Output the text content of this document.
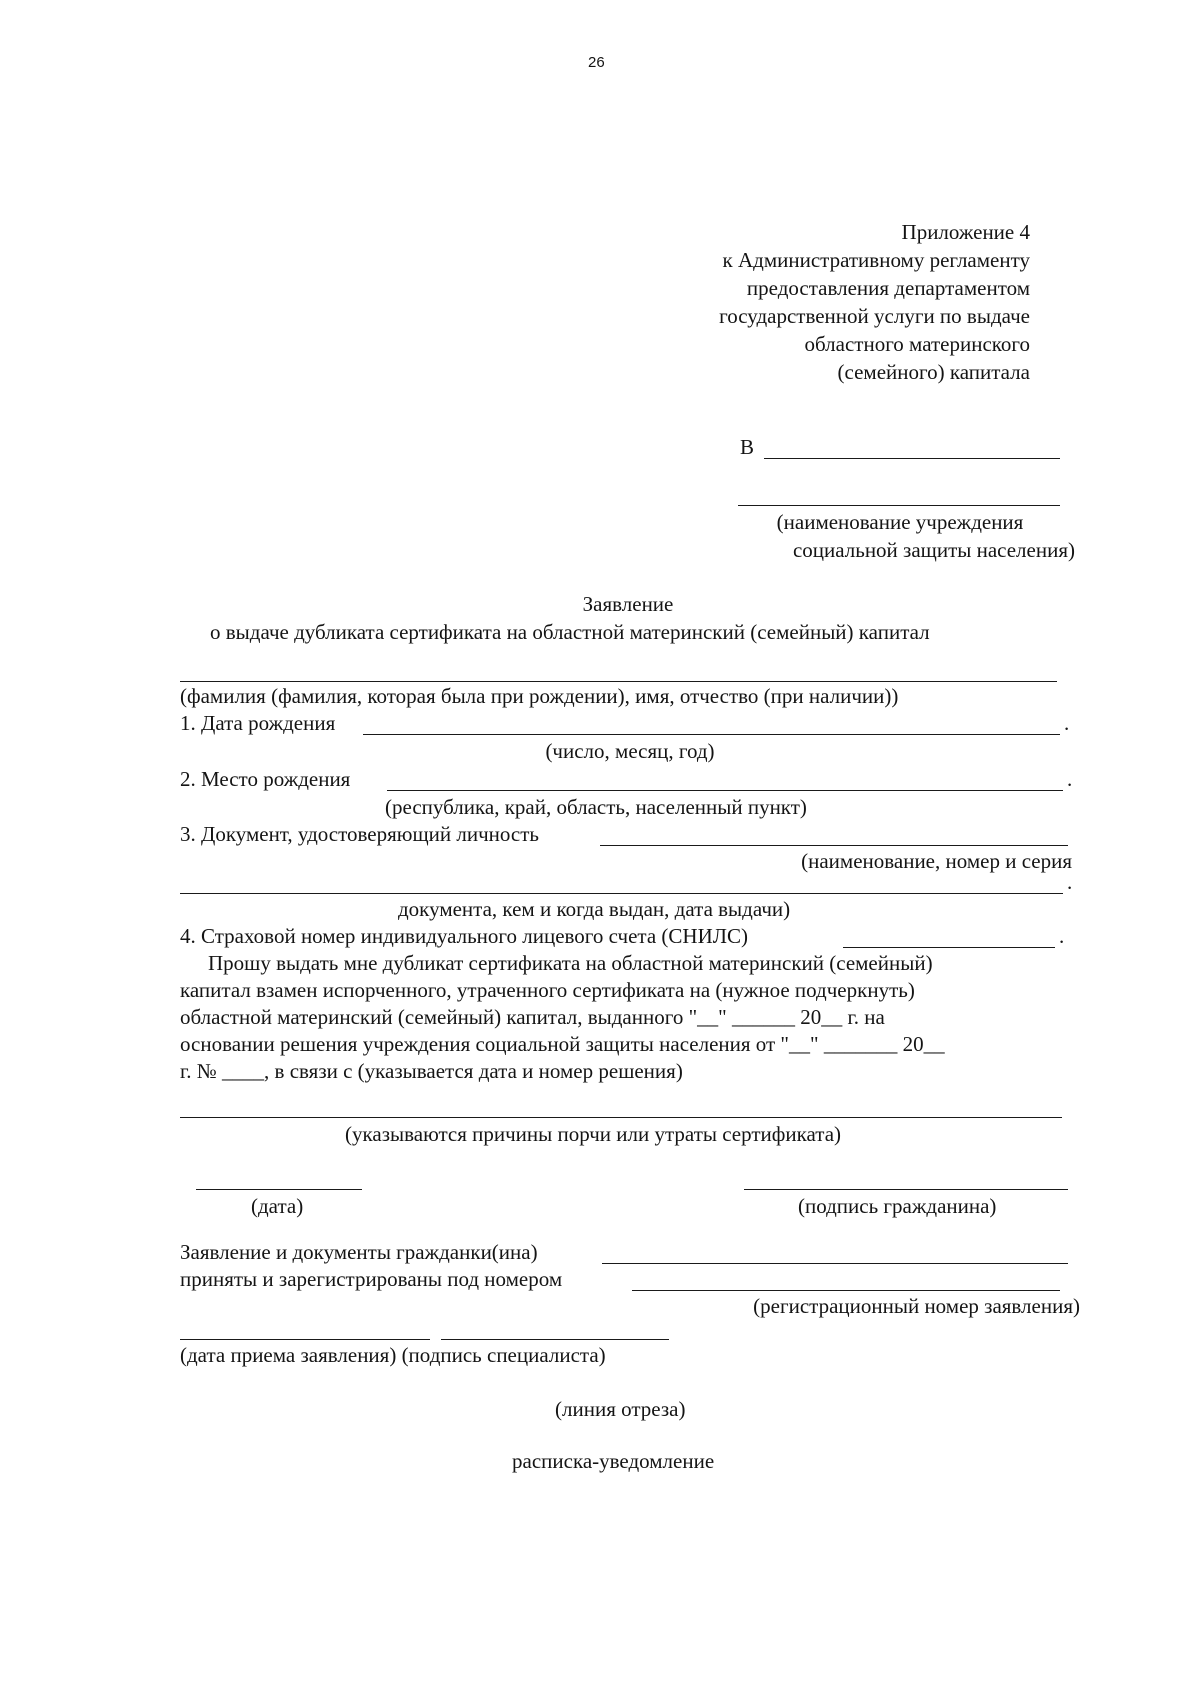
26
Приложение 4
к Административному регламенту
предоставления департаментом
государственной услуги по выдаче
областного материнского
(семейного) капитала
В
(наименование учреждения
социальной защиты населения)
Заявление
о выдаче дубликата сертификата на областной материнский (семейный) капитал
(фамилия (фамилия, которая была при рождении), имя, отчество (при наличии))
1. Дата рождения	.
(число, месяц, год)
2. Место рождения	.
(республика, край, область, населенный пункт)
3. Документ, удостоверяющий личность
(наименование, номер и серия
.
документа, кем и когда выдан, дата выдачи)
4. Страховой номер индивидуального лицевого счета (СНИЛС)	.
Прошу выдать мне дубликат сертификата на областной материнский (семейный)
капитал взамен испорченного, утраченного сертификата на (нужное подчеркнуть)
областной материнский (семейный) капитал, выданного "__" ______ 20__ г. на
основании решения учреждения социальной защиты населения от "__" _______ 20__
г. № ____, в связи с (указывается дата и номер решения)
(указываются причины порчи или утраты сертификата)
(дата)	(подпись гражданина)
Заявление и документы гражданки(ина)
приняты и зарегистрированы под номером
(регистрационный номер заявления)
(дата приема заявления) (подпись специалиста)
(линия отреза)
расписка-уведомление
